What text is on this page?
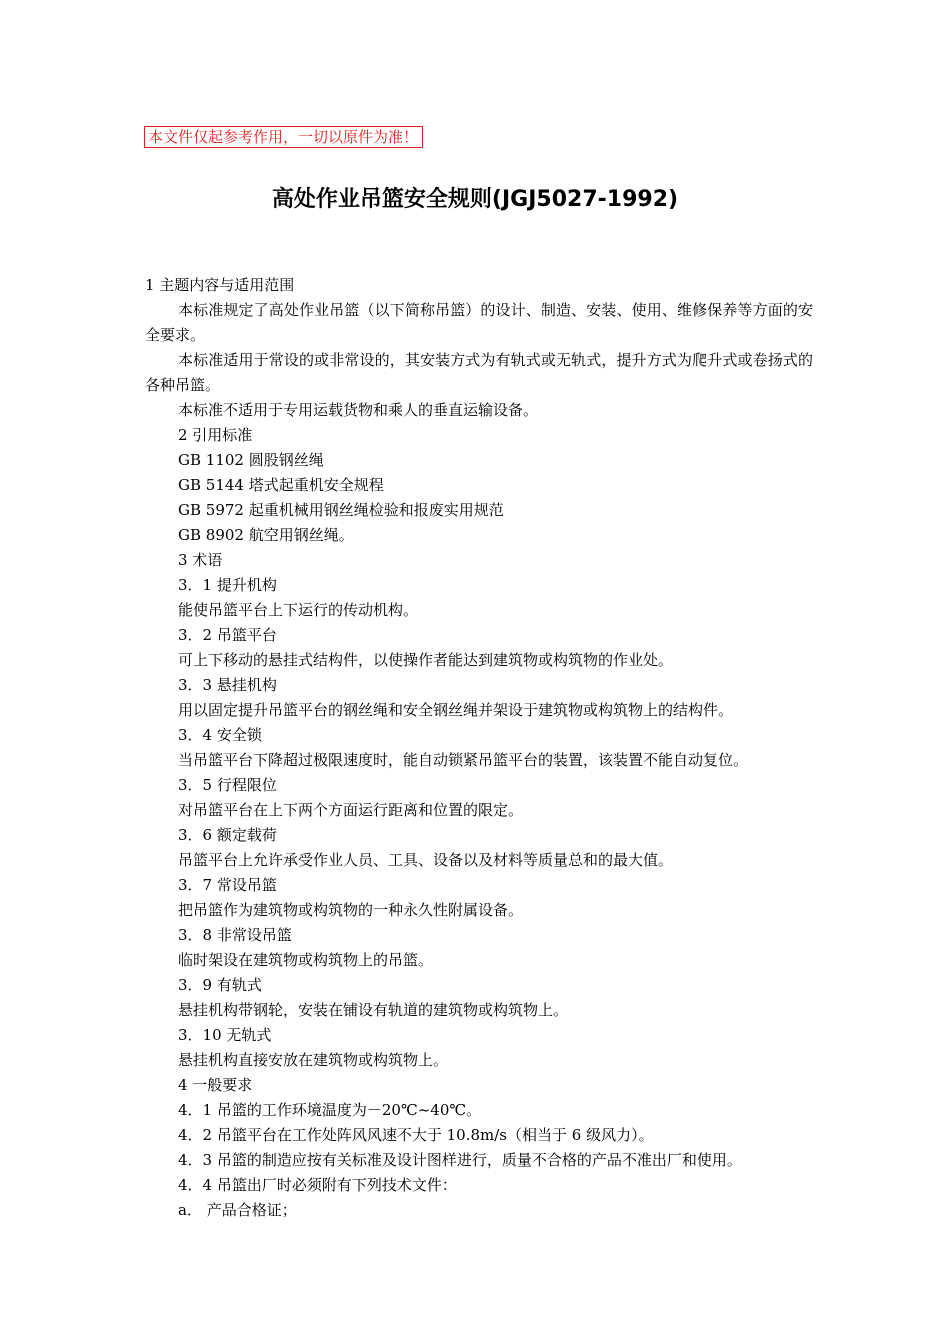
本文件仅起参考作用，一切以原件为准！
高处作业吊篮安全规则(JGJ5027-1992)

1 主题内容与适用范围

本标准规定了高处作业吊篮（以下简称吊篮）的设计、制造、安装、使用、维修保养等方面的安全要求。

本标准适用于常设的或非常设的，其安装方式为有轨式或无轨式，提升方式为爬升式或卷扬式的各种吊篮。

本标准不适用于专用运载货物和乘人的垂直运输设备。

2 引用标准

GB 1102 圆股钢丝绳

GB 5144 塔式起重机安全规程

GB 5972 起重机械用钢丝绳检验和报废实用规范

GB 8902 航空用钢丝绳。

3 术语

3．1 提升机构

能使吊篮平台上下运行的传动机构。

3．2 吊篮平台

可上下移动的悬挂式结构件，以使操作者能达到建筑物或构筑物的作业处。

3．3 悬挂机构

用以固定提升吊篮平台的钢丝绳和安全钢丝绳并架设于建筑物或构筑物上的结构件。

3．4 安全锁

当吊篮平台下降超过极限速度时，能自动锁紧吊篮平台的装置，该装置不能自动复位。

3．5 行程限位

对吊篮平台在上下两个方面运行距离和位置的限定。

3．6 额定载荷

吊篮平台上允许承受作业人员、工具、设备以及材料等质量总和的最大值。

3．7 常设吊篮

把吊篮作为建筑物或构筑物的一种永久性附属设备。

3．8 非常设吊篮

临时架设在建筑物或构筑物上的吊篮。

3．9 有轨式

悬挂机构带钢轮，安装在铺设有轨道的建筑物或构筑物上。

3．10 无轨式

悬挂机构直接安放在建筑物或构筑物上。

4 一般要求

4．1 吊篮的工作环境温度为－20℃~40℃。

4．2 吊篮平台在工作处阵风风速不大于 10.8m/s（相当于 6 级风力）。

4．3 吊篮的制造应按有关标准及设计图样进行，质量不合格的产品不准出厂和使用。

4．4 吊篮出厂时必须附有下列技术文件：

a． 产品合格证；
